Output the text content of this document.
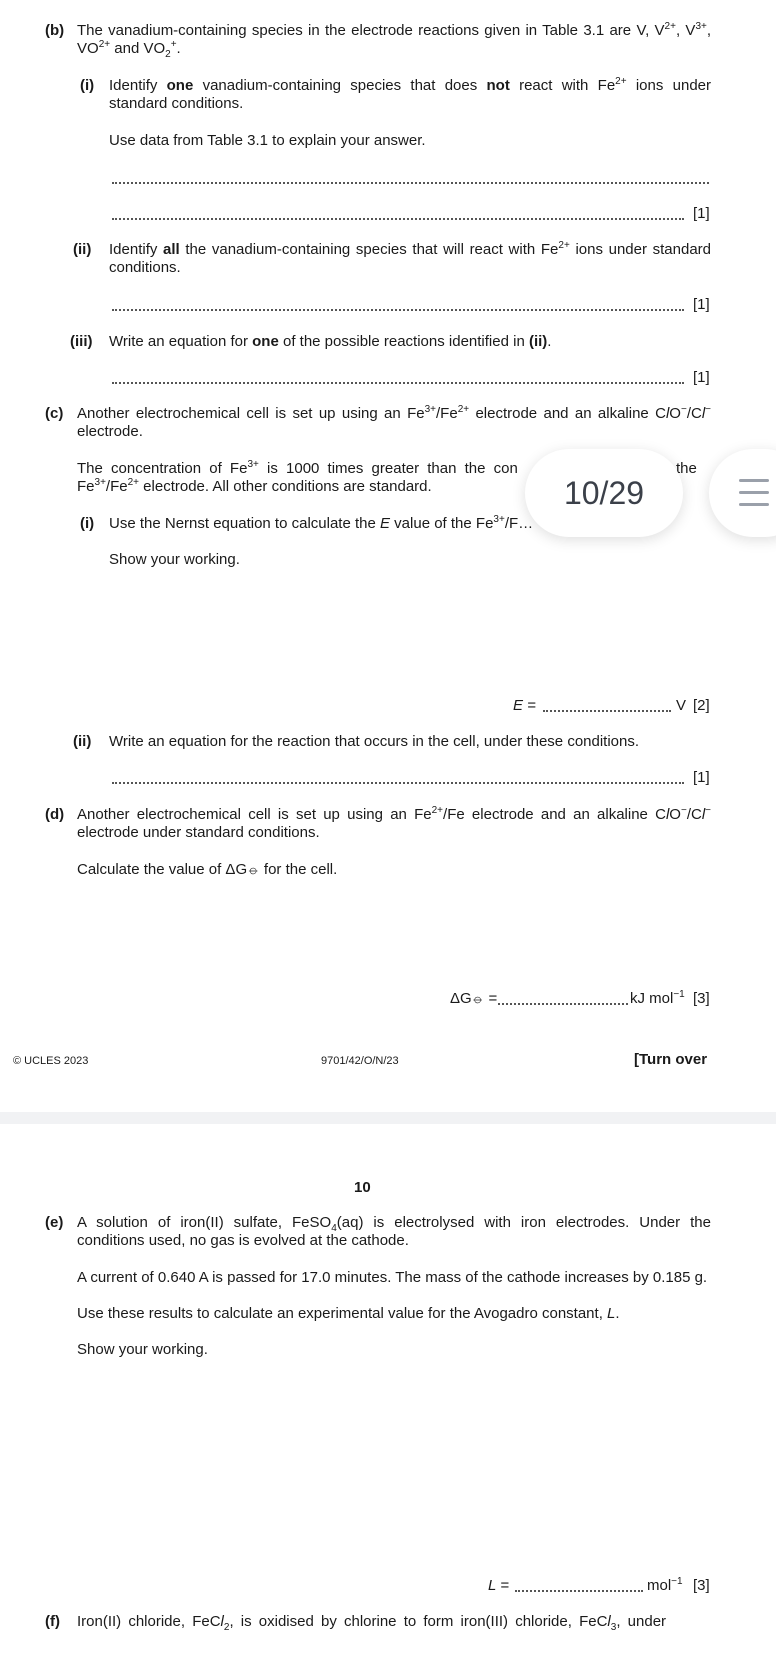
(b) The vanadium-containing species in the electrode reactions given in Table 3.1 are V, $V^{2+}$, $V^{3+}$, $VO^{2+}$ and $VO_2^+$.
(i) Identify one vanadium-containing species that does not react with $Fe^{2+}$ ions under standard conditions.
Use data from Table 3.1 to explain your answer.
[1]
(ii) Identify all the vanadium-containing species that will react with $Fe^{2+}$ ions under standard conditions.
[1]
(iii) Write an equation for one of the possible reactions identified in (ii).
[1]
(c) Another electrochemical cell is set up using an $Fe^{3+}/Fe^{2+}$ electrode and an alkaline ClO−/Cl− electrode.
The concentration of $Fe^{3+}$ is 1000 times greater than the con	the

$Fe^{3+}/Fe^{2+}$ electrode. All other conditions are standard.
(i) Use the Nernst equation to calculate the E value of the $Fe^{3+}/F\dots$
Show your working.
E =	V [2]
(ii) Write an equation for the reaction that occurs in the cell, under these conditions.
[1]
(d) Another electrochemical cell is set up using an $Fe^{2+}/Fe$ electrode and an alkaline ClO−/Cl− electrode under standard conditions.
Calculate the value of ΔG⦵ for the cell.
ΔG⦵ =	kJ mol$^{-1}$ [3]
© UCLES 2023	9701/42/O/N/23	[Turn over
10/29
10
(e) A solution of iron(II) sulfate, FeSO$_4$(aq) is electrolysed with iron electrodes. Under the conditions used, no gas is evolved at the cathode.
A current of 0.640 A is passed for 17.0 minutes. The mass of the cathode increases by 0.185 g.
Use these results to calculate an experimental value for the Avogadro constant, L.
Show your working.
L =	mol$^{-1}$ [3]
(f) Iron(II) chloride, FeCl$_2$, is oxidised by chlorine to form iron(III) chloride, FeCl$_3$, under
